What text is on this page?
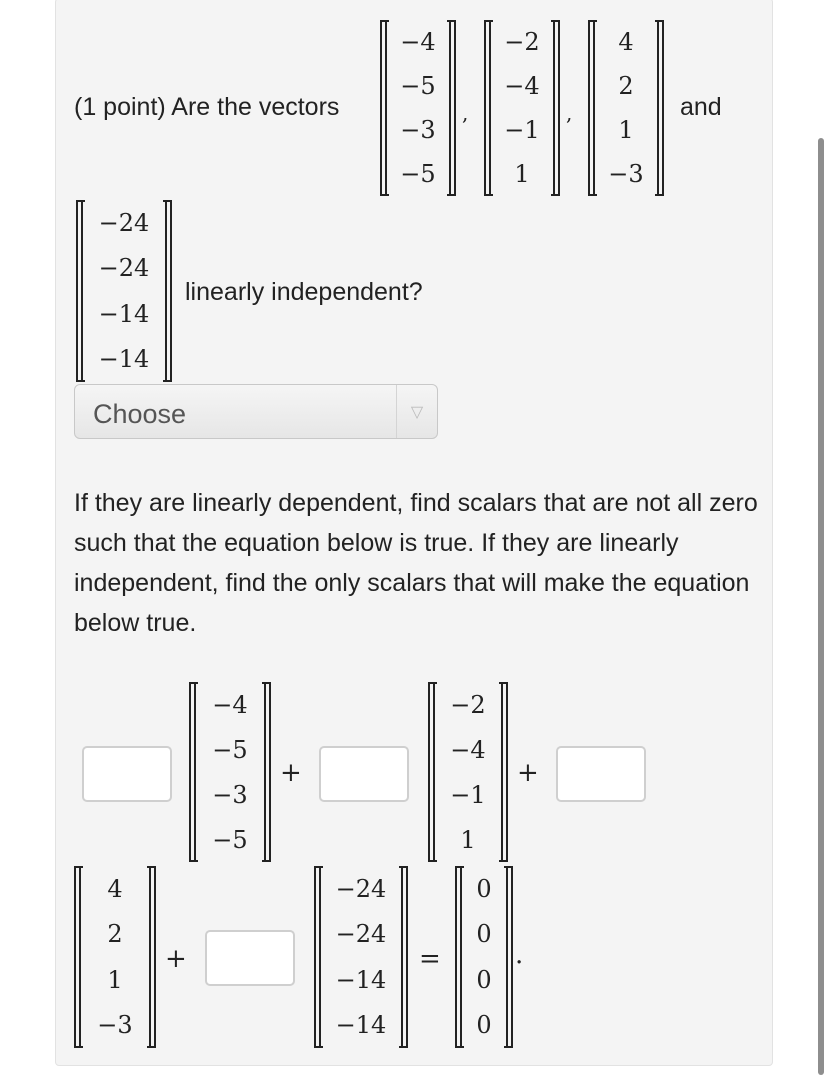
(1 point) Are the vectors
−4
−5
−3
−5
,
−2
−4
−1
1
,
4
2
1
−3
and
−24
−24
−14
−14
linearly independent?
Choose	▽
If they are linearly dependent, find scalars that are not all zero such that the equation below is true. If they are linearly independent, find the only scalars that will make the equation below true.
−4
−5
−3
−5
+
−2
−4
−1
1
+
4
2
1
−3
+
−24
−24
−14
−14
=
0
0
0
0
.
